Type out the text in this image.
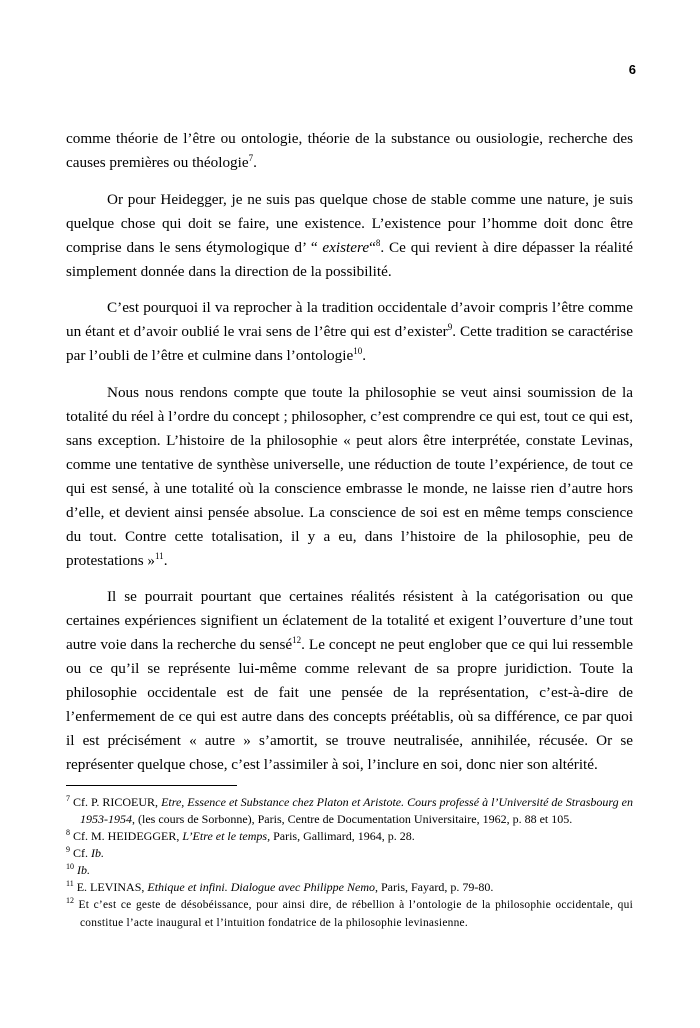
6

comme théorie de l’être ou ontologie, théorie de la substance ou ousiologie, recherche des causes premières ou théologie$^7$.

Or pour Heidegger, je ne suis pas quelque chose de stable comme une nature, je suis quelque chose qui doit se faire, une existence. L’existence pour l’homme doit donc être comprise dans le sens étymologique d’ “ existere“$^8$. Ce qui revient à dire dépasser la réalité simplement donnée dans la direction de la possibilité.

C’est pourquoi il va reprocher à la tradition occidentale d’avoir compris l’être comme un étant et d’avoir oublié le vrai sens de l’être qui est d’exister$^9$. Cette tradition se caractérise par l’oubli de l’être et culmine dans l’ontologie$^{10}$.

Nous nous rendons compte que toute la philosophie se veut ainsi soumission de la totalité du réel à l’ordre du concept ; philosopher, c’est comprendre ce qui est, tout ce qui est, sans exception. L’histoire de la philosophie « peut alors être interprétée, constate Levinas, comme une tentative de synthèse universelle, une réduction de toute l’expérience, de tout ce qui est sensé, à une totalité où la conscience embrasse le monde, ne laisse rien d’autre hors d’elle, et devient ainsi pensée absolue. La conscience de soi est en même temps conscience du tout. Contre cette totalisation, il y a eu, dans l’histoire de la philosophie, peu de protestations »$^{11}$.

Il se pourrait pourtant que certaines réalités résistent à la catégorisation ou que certaines expériences signifient un éclatement de la totalité et exigent l’ouverture d’une tout autre voie dans la recherche du sensé$^{12}$. Le concept ne peut englober que ce qui lui ressemble ou ce qu’il se représente lui-même comme relevant de sa propre juridiction. Toute la philosophie occidentale est de fait une pensée de la représentation, c’est-à-dire de l’enfermement de ce qui est autre dans des concepts préétablis, où sa différence, ce par quoi il est précisément « autre » s’amortit, se trouve neutralisée, annihilée, récusée. Or se représenter quelque chose, c’est l’assimiler à soi, l’inclure en soi, donc nier son altérité.

$^7$ Cf. P. RICOEUR, Etre, Essence et Substance chez Platon et Aristote. Cours professé à l’Université de Strasbourg en 1953-1954, (les cours de Sorbonne), Paris, Centre de Documentation Universitaire, 1962, p. 88 et 105.

$^8$ Cf. M. HEIDEGGER, L’Etre et le temps, Paris, Gallimard, 1964, p. 28.

$^9$ Cf. Ib.

$^{10}$ Ib.

$^{11}$ E. LEVINAS, Ethique et infini. Dialogue avec Philippe Nemo, Paris, Fayard, p. 79-80.

$^{12}$ Et c’est ce geste de désobéissance, pour ainsi dire, de rébellion à l’ontologie de la philosophie occidentale, qui constitue l’acte inaugural et l’intuition fondatrice de la philosophie levinasienne.
